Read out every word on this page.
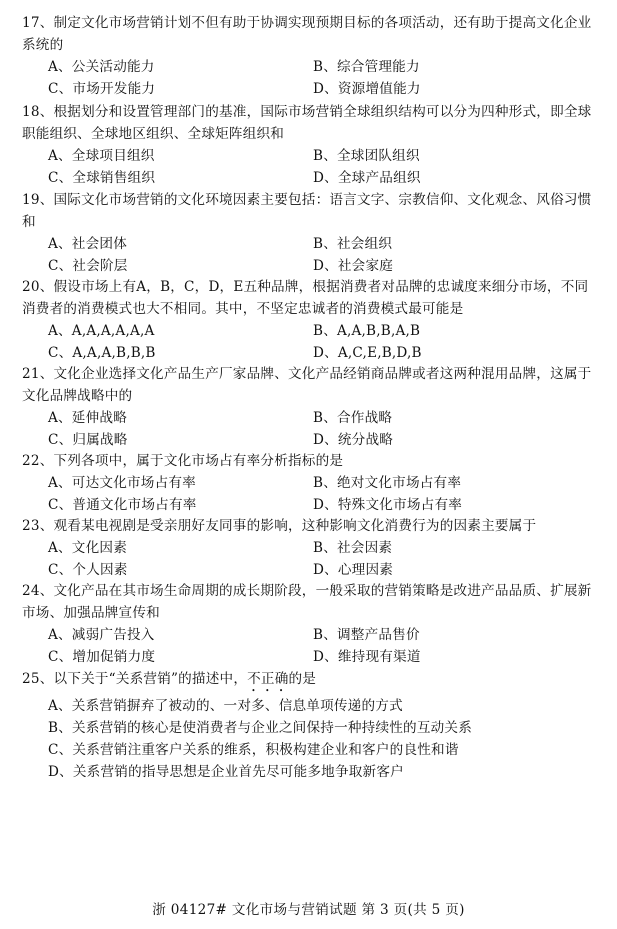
17、制定文化市场营销计划不但有助于协调实现预期目标的各项活动，还有助于提高文化企业系统的

A、公关活动能力	B、综合管理能力
C、市场开发能力	D、资源增值能力

18、根据划分和设置管理部门的基准，国际市场营销全球组织结构可以分为四种形式，即全球职能组织、全球地区组织、全球矩阵组织和

A、全球项目组织	B、全球团队组织
C、全球销售组织	D、全球产品组织

19、国际文化市场营销的文化环境因素主要包括：语言文字、宗教信仰、文化观念、风俗习惯和

A、社会团体	B、社会组织
C、社会阶层	D、社会家庭

20、假设市场上有A，B，C，D，E五种品牌，根据消费者对品牌的忠诚度来细分市场，不同消费者的消费模式也大不相同。其中，不坚定忠诚者的消费模式最可能是

A、A,A,A,A,A,A	B、A,A,B,B,A,B
C、A,A,A,B,B,B	D、A,C,E,B,D,B

21、文化企业选择文化产品生产厂家品牌、文化产品经销商品牌或者这两种混用品牌，这属于文化品牌战略中的

A、延伸战略	B、合作战略
C、归属战略	D、统分战略

22、下列各项中，属于文化市场占有率分析指标的是

A、可达文化市场占有率	B、绝对文化市场占有率
C、普通文化市场占有率	D、特殊文化市场占有率

23、观看某电视剧是受亲朋好友同事的影响，这种影响文化消费行为的因素主要属于

A、文化因素	B、社会因素
C、个人因素	D、心理因素

24、文化产品在其市场生命周期的成长期阶段，一般采取的营销策略是改进产品品质、扩展新市场、加强品牌宣传和

A、减弱广告投入	B、调整产品售价
C、增加促销力度	D、维持现有渠道

25、以下关于“关系营销”的描述中，不正确的是

A、关系营销摒弃了被动的、一对多、信息单项传递的方式
B、关系营销的核心是使消费者与企业之间保持一种持续性的互动关系
C、关系营销注重客户关系的维系，积极构建企业和客户的良性和谐
D、关系营销的指导思想是企业首先尽可能多地争取新客户
浙 04127# 文化市场与营销试题 第 3 页(共 5 页)
